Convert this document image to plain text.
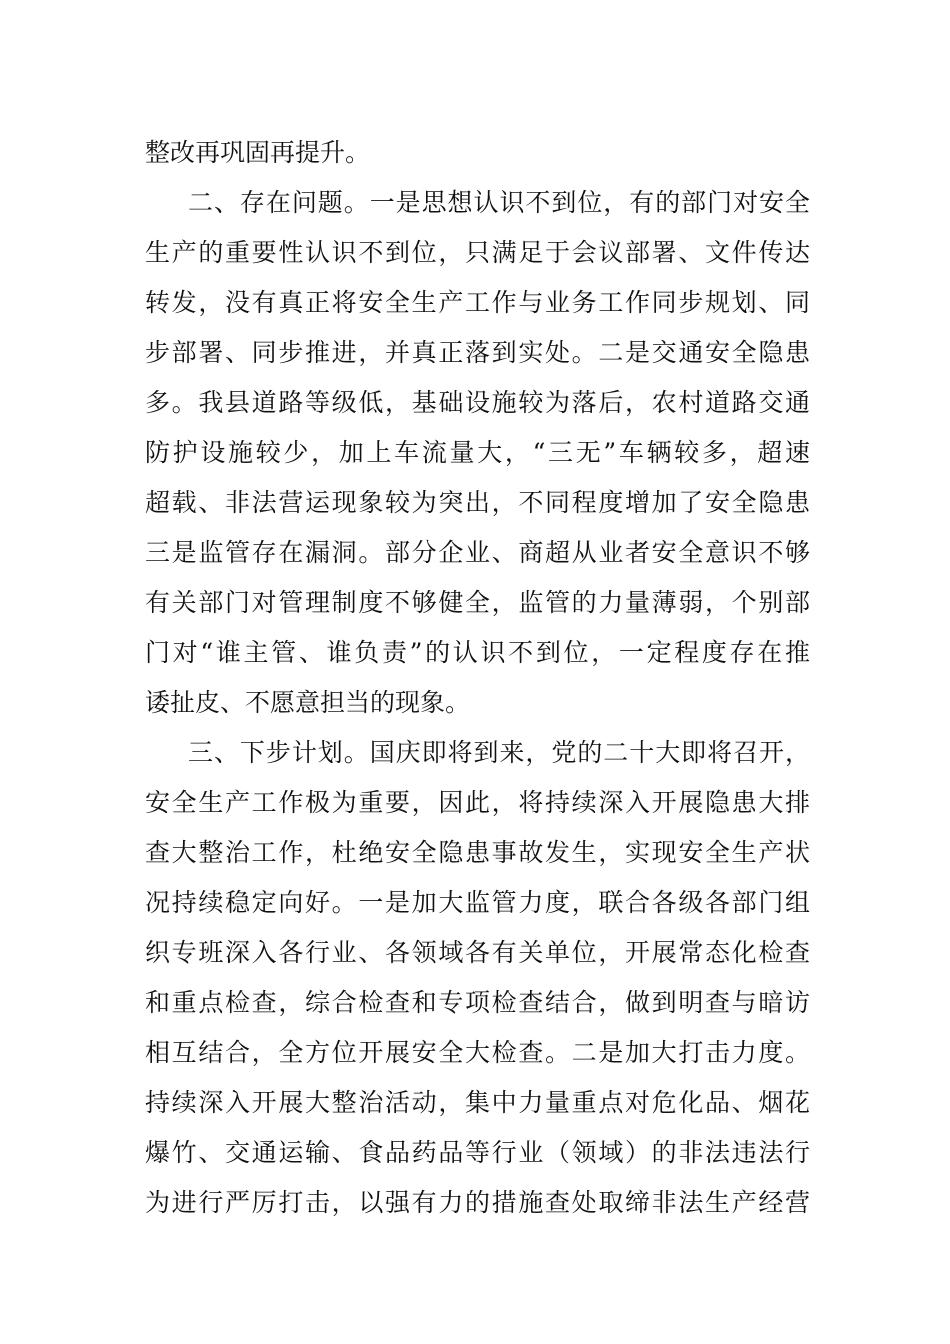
整改再巩固再提升。
二、存在问题。一是思想认识不到位，有的部门对安全
生产的重要性认识不到位，只满足于会议部署、文件传达
转发，没有真正将安全生产工作与业务工作同步规划、同
步部署、同步推进，并真正落到实处。二是交通安全隐患
多。我县道路等级低，基础设施较为落后，农村道路交通
防护设施较少，加上车流量大，“三无”车辆较多，超速
超载、非法营运现象较为突出，不同程度增加了安全隐患
三是监管存在漏洞。部分企业、商超从业者安全意识不够
有关部门对管理制度不够健全，监管的力量薄弱，个别部
门对“谁主管、谁负责”的认识不到位，一定程度存在推
诿扯皮、不愿意担当的现象。
三、下步计划。国庆即将到来，党的二十大即将召开，
安全生产工作极为重要，因此，将持续深入开展隐患大排
查大整治工作，杜绝安全隐患事故发生，实现安全生产状
况持续稳定向好。一是加大监管力度，联合各级各部门组
织专班深入各行业、各领域各有关单位，开展常态化检查
和重点检查，综合检查和专项检查结合，做到明查与暗访
相互结合，全方位开展安全大检查。二是加大打击力度。
持续深入开展大整治活动，集中力量重点对危化品、烟花
爆竹、交通运输、食品药品等行业（领域）的非法违法行
为进行严厉打击，以强有力的措施查处取缔非法生产经营
